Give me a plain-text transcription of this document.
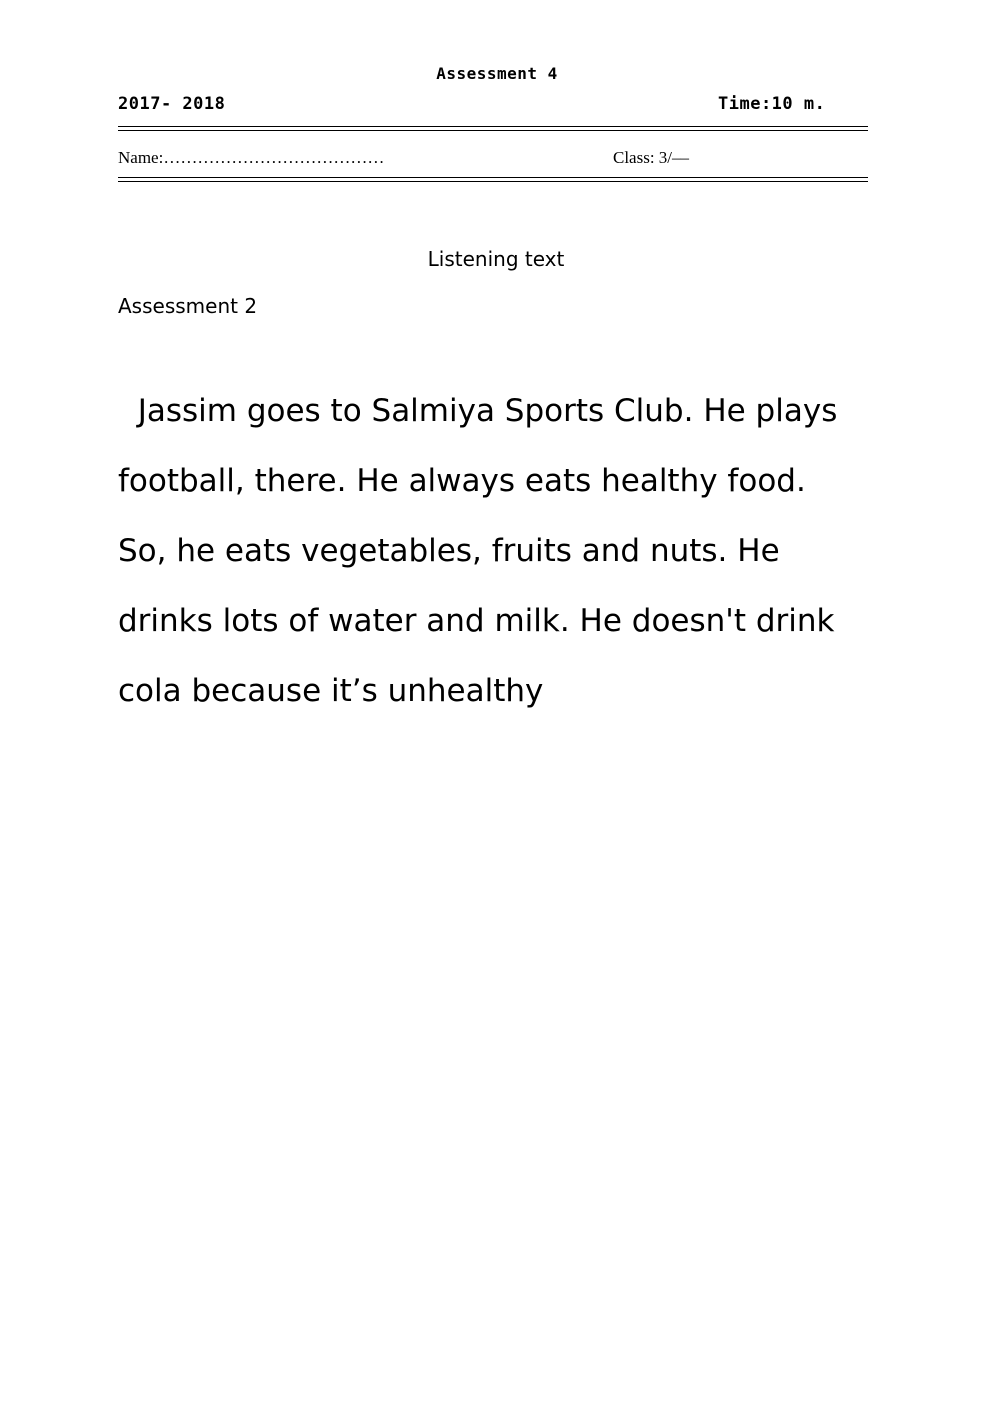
Assessment 4
2017- 2018	Time:10 m.
Name:…………………………………	Class: 3/––
Listening text
Assessment 2
Jassim goes to Salmiya Sports Club. He plays
football, there. He always eats healthy food.
So, he eats vegetables, fruits and nuts. He
drinks lots of water and milk. He doesn't drink
cola because it’s unhealthy
